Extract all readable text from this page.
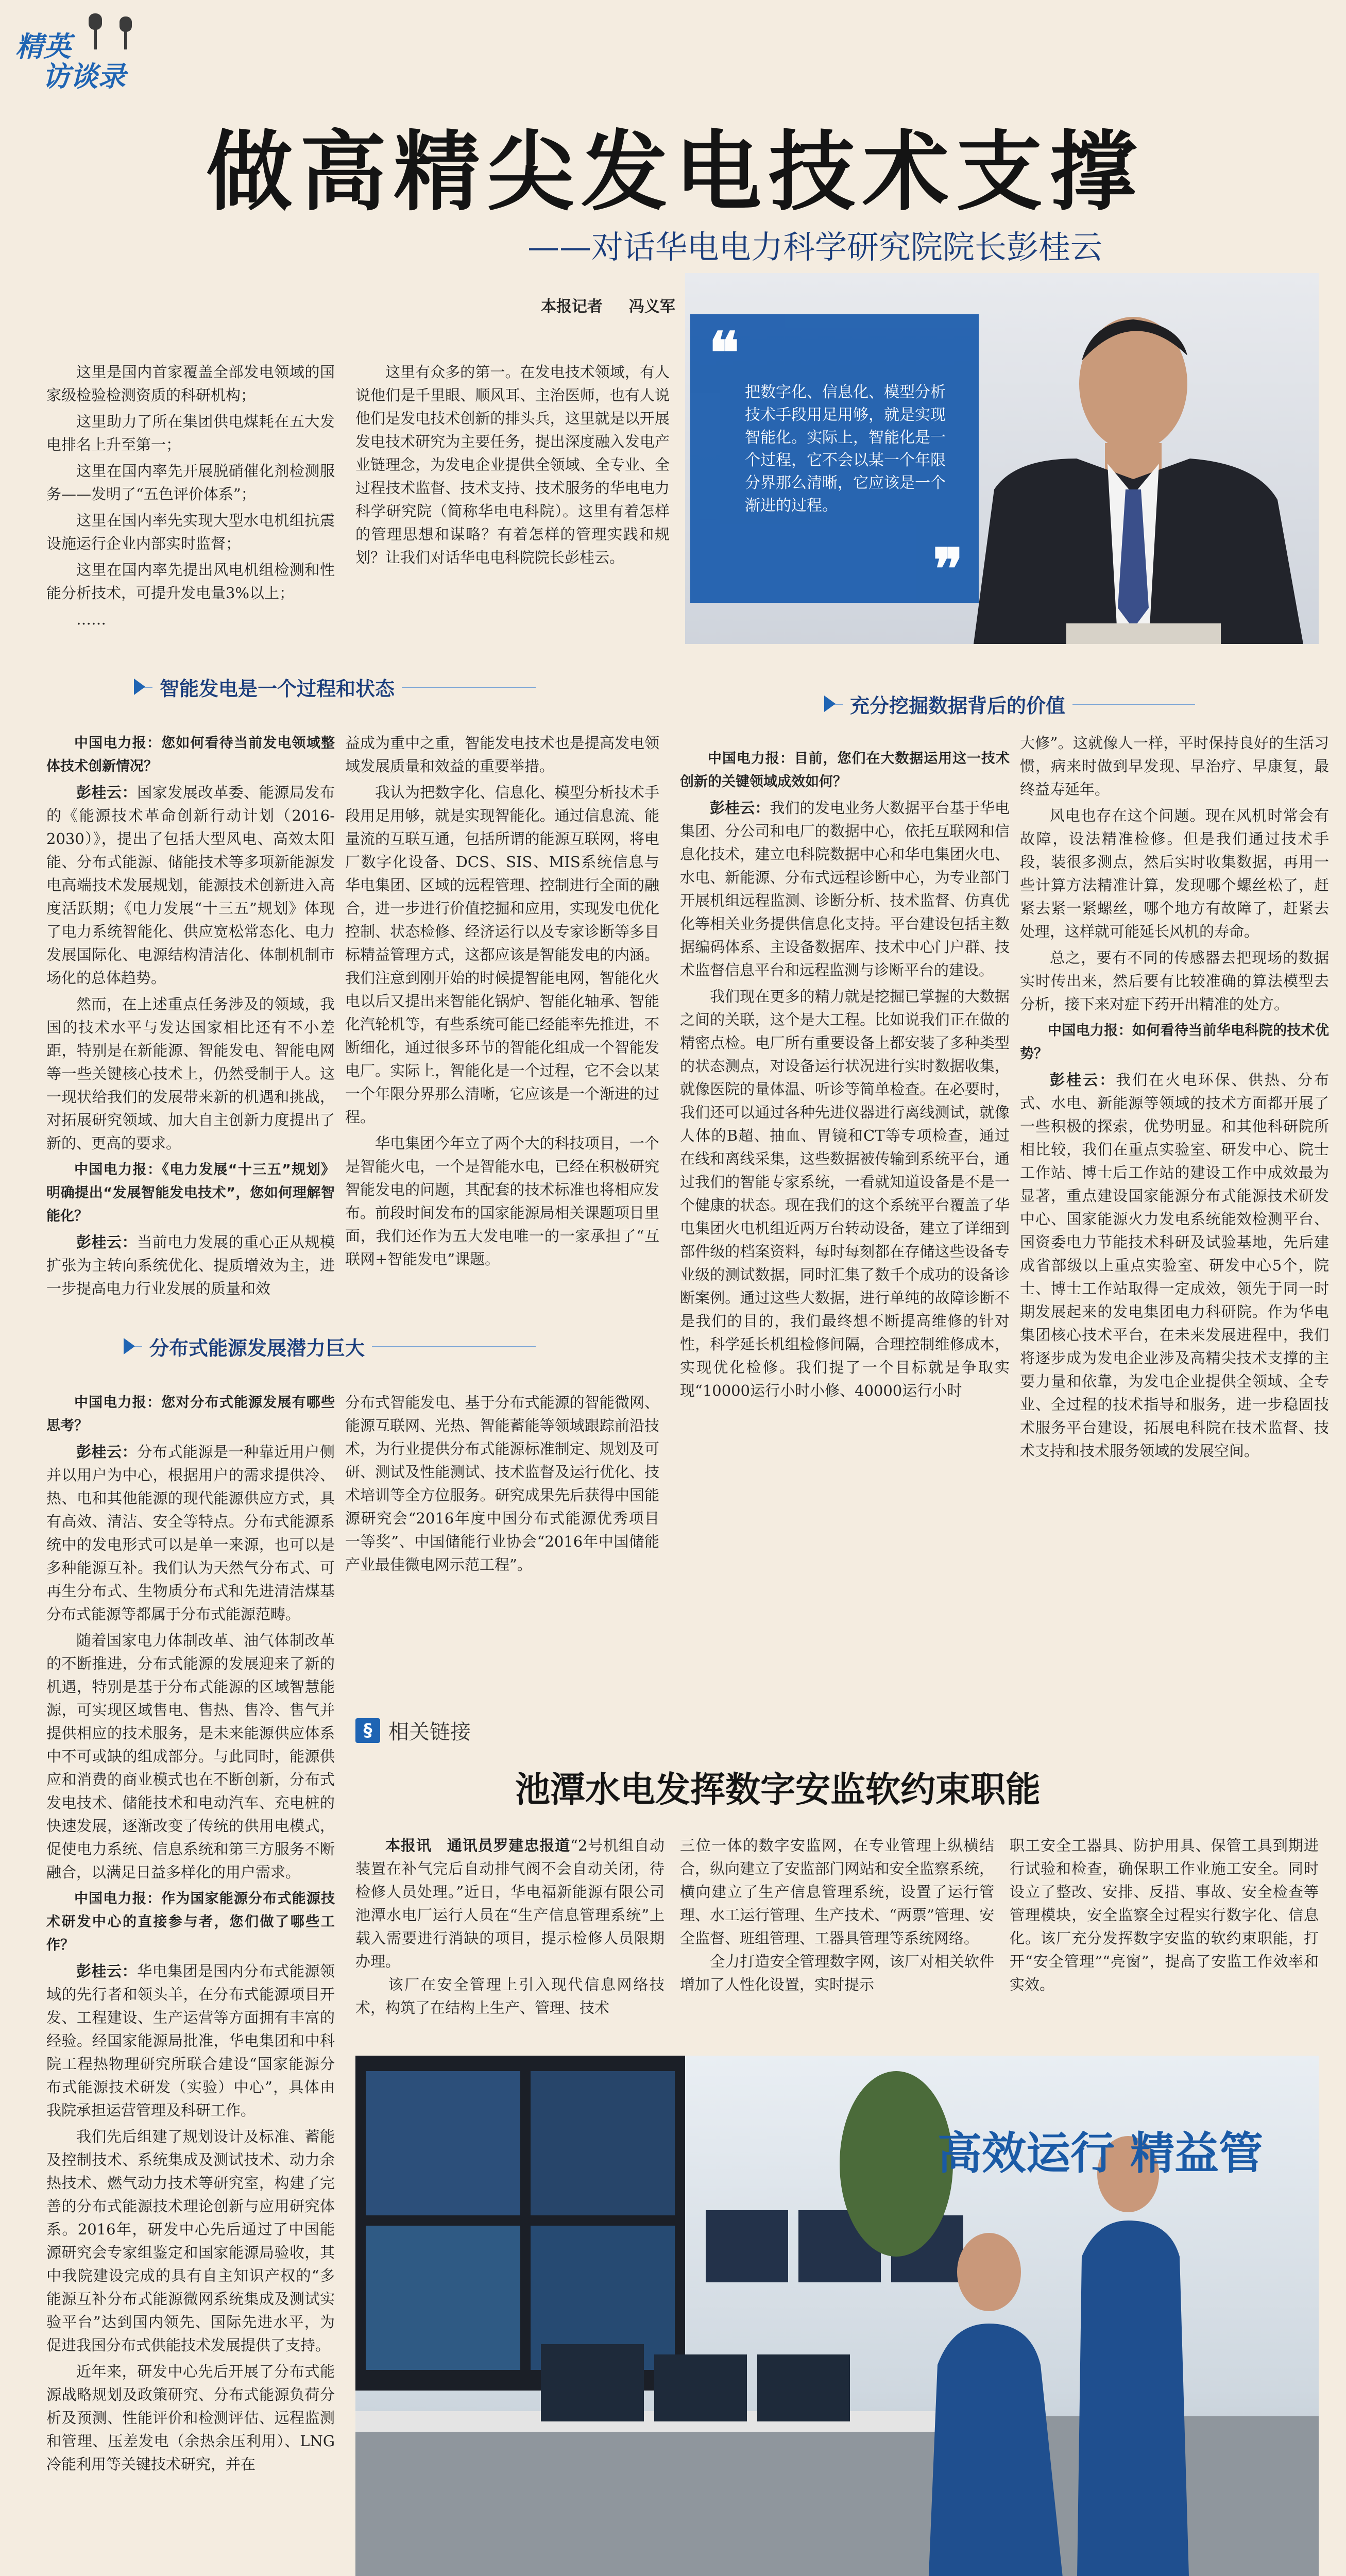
精英
访谈录
做高精尖发电技术支撑
——对话华电电力科学研究院院长彭桂云
本报记者 冯义军

这里是国内首家覆盖全部发电领域的国家级检验检测资质的科研机构；

这里助力了所在集团供电煤耗在五大发电排名上升至第一；

这里在国内率先开展脱硝催化剂检测服务——发明了“五色评价体系”；

这里在国内率先实现大型水电机组抗震设施运行企业内部实时监督；

这里在国内率先提出风电机组检测和性能分析技术，可提升发电量3%以上；

……

这里有众多的第一。在发电技术领域，有人说他们是千里眼、顺风耳、主治医师，也有人说他们是发电技术创新的排头兵，这里就是以开展发电技术研究为主要任务，提出深度融入发电产业链理念，为发电企业提供全领域、全专业、全过程技术监督、技术支持、技术服务的华电电力科学研究院（简称华电电科院）。这里有着怎样的管理思想和谋略？有着怎样的管理实践和规划？让我们对话华电电科院院长彭桂云。

❝
把数字化、信息化、模型分析技术手段用足用够，就是实现智能化。实际上，智能化是一个过程，它不会以某一个年限分界那么清晰，它应该是一个渐进的过程。
❞
智能发电是一个过程和状态
充分挖掘数据背后的价值

中国电力报：您如何看待当前发电领域整体技术创新情况？

彭桂云：国家发展改革委、能源局发布的《能源技术革命创新行动计划（2016-2030）》，提出了包括大型风电、高效太阳能、分布式能源、储能技术等多项新能源发电高端技术发展规划，能源技术创新进入高度活跃期；《电力发展“十三五”规划》体现了电力系统智能化、供应宽松常态化、电力发展国际化、电源结构清洁化、体制机制市场化的总体趋势。

然而，在上述重点任务涉及的领域，我国的技术水平与发达国家相比还有不小差距，特别是在新能源、智能发电、智能电网等一些关键核心技术上，仍然受制于人。这一现状给我们的发展带来新的机遇和挑战，对拓展研究领域、加大自主创新力度提出了新的、更高的要求。

中国电力报：《电力发展“十三五”规划》明确提出“发展智能发电技术”，您如何理解智能化？

彭桂云：当前电力发展的重心正从规模扩张为主转向系统优化、提质增效为主，进一步提高电力行业发展的质量和效

益成为重中之重，智能发电技术也是提高发电领域发展质量和效益的重要举措。

我认为把数字化、信息化、模型分析技术手段用足用够，就是实现智能化。通过信息流、能量流的互联互通，包括所谓的能源互联网，将电厂数字化设备、DCS、SIS、MIS系统信息与华电集团、区域的远程管理、控制进行全面的融合，进一步进行价值挖掘和应用，实现发电优化控制、状态检修、经济运行以及专家诊断等多目标精益管理方式，这都应该是智能发电的内涵。我们注意到刚开始的时候提智能电网，智能化火电以后又提出来智能化锅炉、智能化轴承、智能化汽轮机等，有些系统可能已经能率先推进，不断细化，通过很多环节的智能化组成一个智能发电厂。实际上，智能化是一个过程，它不会以某一个年限分界那么清晰，它应该是一个渐进的过程。

华电集团今年立了两个大的科技项目，一个是智能火电，一个是智能水电，已经在积极研究智能发电的问题，其配套的技术标准也将相应发布。前段时间发布的国家能源局相关课题项目里面，我们还作为五大发电唯一的一家承担了“互联网+智能发电”课题。

中国电力报：目前，您们在大数据运用这一技术创新的关键领域成效如何？

彭桂云：我们的发电业务大数据平台基于华电集团、分公司和电厂的数据中心，依托互联网和信息化技术，建立电科院数据中心和华电集团火电、水电、新能源、分布式远程诊断中心，为专业部门开展机组远程监测、诊断分析、技术监督、仿真优化等相关业务提供信息化支持。平台建设包括主数据编码体系、主设备数据库、技术中心门户群、技术监督信息平台和远程监测与诊断平台的建设。

我们现在更多的精力就是挖掘已掌握的大数据之间的关联，这个是大工程。比如说我们正在做的精密点检。电厂所有重要设备上都安装了多种类型的状态测点，对设备运行状况进行实时数据收集，就像医院的量体温、听诊等简单检查。在必要时，我们还可以通过各种先进仪器进行离线测试，就像人体的B超、抽血、胃镜和CT等专项检查，通过在线和离线采集，这些数据被传输到系统平台，通过我们的智能专家系统，一看就知道设备是不是一个健康的状态。现在我们的这个系统平台覆盖了华电集团火电机组近两万台转动设备，建立了详细到部件级的档案资料，每时每刻都在存储这些设备专业级的测试数据，同时汇集了数千个成功的设备诊断案例。通过这些大数据，进行单纯的故障诊断不是我们的目的，我们最终想不断提高维修的针对性，科学延长机组检修间隔，合理控制维修成本，实现优化检修。我们提了一个目标就是争取实现“10000运行小时小修、40000运行小时

大修”。这就像人一样，平时保持良好的生活习惯，病来时做到早发现、早治疗、早康复，最终益寿延年。

风电也存在这个问题。现在风机时常会有故障，设法精准检修。但是我们通过技术手段，装很多测点，然后实时收集数据，再用一些计算方法精准计算，发现哪个螺丝松了，赶紧去紧一紧螺丝，哪个地方有故障了，赶紧去处理，这样就可能延长风机的寿命。

总之，要有不同的传感器去把现场的数据实时传出来，然后要有比较准确的算法模型去分析，接下来对症下药开出精准的处方。

中国电力报：如何看待当前华电科院的技术优势？

彭桂云：我们在火电环保、供热、分布式、水电、新能源等领域的技术方面都开展了一些积极的探索，优势明显。和其他科研院所相比较，我们在重点实验室、研发中心、院士工作站、博士后工作站的建设工作中成效最为显著，重点建设国家能源分布式能源技术研发中心、国家能源火力发电系统能效检测平台、国资委电力节能技术科研及试验基地，先后建成省部级以上重点实验室、研发中心5个，院士、博士工作站取得一定成效，领先于同一时期发展起来的发电集团电力科研院。作为华电集团核心技术平台，在未来发展进程中，我们将逐步成为发电企业涉及高精尖技术支撑的主要力量和依靠，为发电企业提供全领域、全专业、全过程的技术指导和服务，进一步稳固技术服务平台建设，拓展电科院在技术监督、技术支持和技术服务领域的发展空间。

分布式能源发展潜力巨大

中国电力报：您对分布式能源发展有哪些思考？

彭桂云：分布式能源是一种靠近用户侧并以用户为中心，根据用户的需求提供冷、热、电和其他能源的现代能源供应方式，具有高效、清洁、安全等特点。分布式能源系统中的发电形式可以是单一来源，也可以是多种能源互补。我们认为天然气分布式、可再生分布式、生物质分布式和先进清洁煤基分布式能源等都属于分布式能源范畴。

随着国家电力体制改革、油气体制改革的不断推进，分布式能源的发展迎来了新的机遇，特别是基于分布式能源的区域智慧能源，可实现区域售电、售热、售冷、售气并提供相应的技术服务，是未来能源供应体系中不可或缺的组成部分。与此同时，能源供应和消费的商业模式也在不断创新，分布式发电技术、储能技术和电动汽车、充电桩的快速发展，逐渐改变了传统的供用电模式，促使电力系统、信息系统和第三方服务不断融合，以满足日益多样化的用户需求。

中国电力报：作为国家能源分布式能源技术研发中心的直接参与者，您们做了哪些工作？

彭桂云：华电集团是国内分布式能源领域的先行者和领头羊，在分布式能源项目开发、工程建设、生产运营等方面拥有丰富的经验。经国家能源局批准，华电集团和中科院工程热物理研究所联合建设“国家能源分布式能源技术研发（实验）中心”，具体由我院承担运营管理及科研工作。

我们先后组建了规划设计及标准、蓄能及控制技术、系统集成及测试技术、动力余热技术、燃气动力技术等研究室，构建了完善的分布式能源技术理论创新与应用研究体系。2016年，研发中心先后通过了中国能源研究会专家组鉴定和国家能源局验收，其中我院建设完成的具有自主知识产权的“多能源互补分布式能源微网系统集成及测试实验平台”达到国内领先、国际先进水平，为促进我国分布式供能技术发展提供了支持。

近年来，研发中心先后开展了分布式能源战略规划及政策研究、分布式能源负荷分析及预测、性能评价和检测评估、远程监测和管理、压差发电（余热余压利用）、LNG冷能利用等关键技术研究，并在

分布式智能发电、基于分布式能源的智能微网、能源互联网、光热、智能蓄能等领域跟踪前沿技术，为行业提供分布式能源标准制定、规划及可研、测试及性能测试、技术监督及运行优化、技术培训等全方位服务。研究成果先后获得中国能源研究会“2016年度中国分布式能源优秀项目一等奖”、中国储能行业协会“2016年中国储能产业最佳微电网示范工程”。

§ 相关链接
池潭水电发挥数字安监软约束职能

本报讯　通讯员罗建忠报道“2号机组自动装置在补气完后自动排气阀不会自动关闭，待检修人员处理。”近日，华电福新能源有限公司池潭水电厂运行人员在“生产信息管理系统”上载入需要进行消缺的项目，提示检修人员限期办理。
　　该厂在安全管理上引入现代信息网络技术，构筑了在结构上生产、管理、技术

三位一体的数字安监网，在专业管理上纵横结合，纵向建立了安监部门网站和安全监察系统，横向建立了生产信息管理系统，设置了运行管理、水工运行管理、生产技术、“两票”管理、安全监督、班组管理、工器具管理等系统网络。
　　全力打造安全管理数字网，该厂对相关软件增加了人性化设置，实时提示

职工安全工器具、防护用具、保管工具到期进行试验和检查，确保职工作业施工安全。同时设立了整改、安排、反措、事故、安全检查等管理模块，安全监察全过程实行数字化、信息化。该厂充分发挥数字安监的软约束职能，打开“安全管理”“亮窗”，提高了安监工作效率和实效。

高效运行 精益管
